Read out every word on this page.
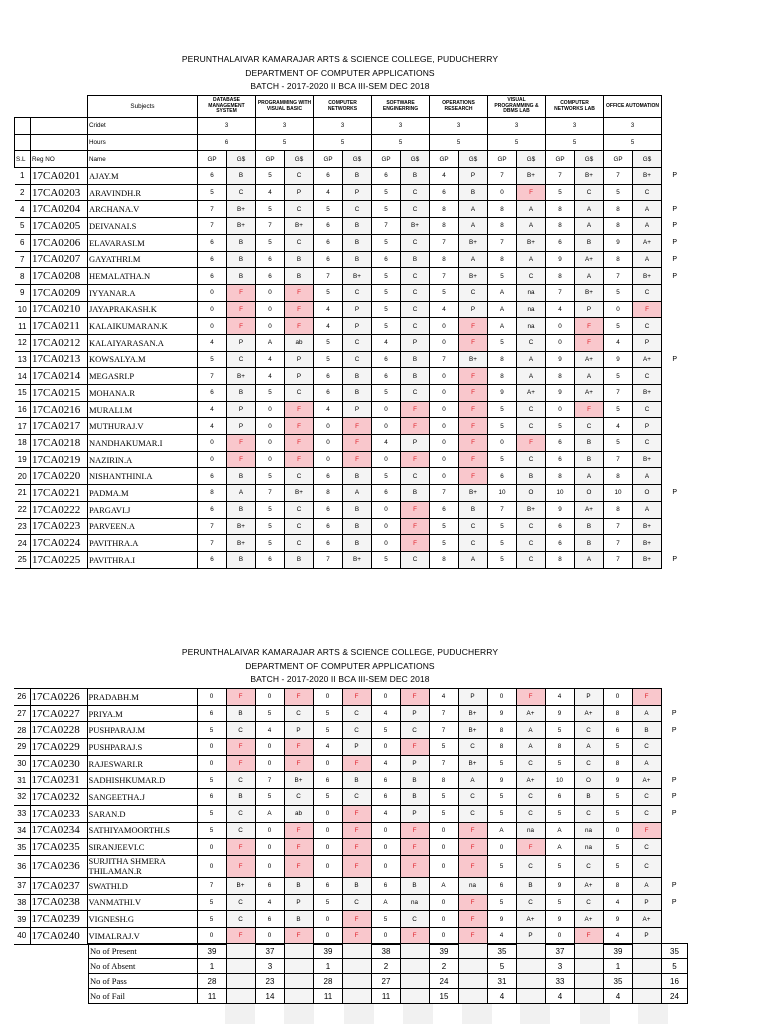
PERUNTHALAIVAR KAMARAJAR ARTS & SCIENCE COLLEGE, PUDUCHERRY
DEPARTMENT OF COMPUTER APPLICATIONS
BATCH - 2017-2020 II BCA III-SEM DEC 2018
		Subjects	DATABASE MANAGEMENT SYSTEM		PROGRAMMING WITH VISUAL BASIC		COMPUTER NETWORKS		SOFTWARE ENGINERRING		OPERATIONS RESEARCH		VISUAL PROGRAMMING & DBMS LAB		COMPUTER NETWORKS LAB		OFFICE AUTOMATION		
		Cridet	3		3		3		3		3		3		3		3		
		Hours	6		5		5		5		5		5		5		5		
S.L	Reg NO	Name	GP	G$	GP	G$	GP	G$	GP	G$	GP	G$	GP	G$	GP	G$	GP	G$	
1	17CA0201	AJAY.M	6	B	5	C	6	B	6	B	4	P	7	B+	7	B+	7	B+	P
2	17CA0203	ARAVINDH.R	5	C	4	P	4	P	5	C	6	B	0	F	5	C	5	C	
4	17CA0204	ARCHANA.V	7	B+	5	C	5	C	5	C	8	A	8	A	8	A	8	A	P
5	17CA0205	DEIVANAI.S	7	B+	7	B+	6	B	7	B+	8	A	8	A	8	A	8	A	P
6	17CA0206	ELAVARASI.M	6	B	5	C	6	B	5	C	7	B+	7	B+	6	B	9	A+	P
7	17CA0207	GAYATHRI.M	6	B	6	B	6	B	6	B	8	A	8	A	9	A+	8	A	P
8	17CA0208	HEMALATHA.N	6	B	6	B	7	B+	5	C	7	B+	5	C	8	A	7	B+	P
9	17CA0209	IYYANAR.A	0	F	0	F	5	C	5	C	5	C	A	na	7	B+	5	C	
10	17CA0210	JAYAPRAKASH.K	0	F	0	F	4	P	5	C	4	P	A	na	4	P	0	F	
11	17CA0211	KALAIKUMARAN.K	0	F	0	F	4	P	5	C	0	F	A	na	0	F	5	C	
12	17CA0212	KALAIYARASAN.A	4	P	A	ab	5	C	4	P	0	F	5	C	0	F	4	P	
13	17CA0213	KOWSALYA.M	5	C	4	P	5	C	6	B	7	B+	8	A	9	A+	9	A+	P
14	17CA0214	MEGASRI.P	7	B+	4	P	6	B	6	B	0	F	8	A	8	A	5	C	
15	17CA0215	MOHANA.R	6	B	5	C	6	B	5	C	0	F	9	A+	9	A+	7	B+	
16	17CA0216	MURALI.M	4	P	0	F	4	P	0	F	0	F	5	C	0	F	5	C	
17	17CA0217	MUTHURAJ.V	4	P	0	F	0	F	0	F	0	F	5	C	5	C	4	P	
18	17CA0218	NANDHAKUMAR.I	0	F	0	F	0	F	4	P	0	F	0	F	6	B	5	C	
19	17CA0219	NAZIRIN.A	0	F	0	F	0	F	0	F	0	F	5	C	6	B	7	B+	
20	17CA0220	NISHANTHINI.A	6	B	5	C	6	B	5	C	0	F	6	B	8	A	8	A	
21	17CA0221	PADMA.M	8	A	7	B+	8	A	6	B	7	B+	10	O	10	O	10	O	P
22	17CA0222	PARGAVI.J	6	B	5	C	6	B	0	F	6	B	7	B+	9	A+	8	A	
23	17CA0223	PARVEEN.A	7	B+	5	C	6	B	0	F	5	C	5	C	6	B	7	B+	
24	17CA0224	PAVITHRA.A	7	B+	5	C	6	B	0	F	5	C	5	C	6	B	7	B+	
25	17CA0225	PAVITHRA.I	6	B	6	B	7	B+	5	C	8	A	5	C	8	A	7	B+	P
PERUNTHALAIVAR KAMARAJAR ARTS & SCIENCE COLLEGE, PUDUCHERRY
DEPARTMENT OF COMPUTER APPLICATIONS
BATCH - 2017-2020 II BCA III-SEM DEC 2018
26	17CA0226	PRADABH.M	0	F	0	F	0	F	0	F	4	P	0	F	4	P	0	F	
27	17CA0227	PRIYA.M	6	B	5	C	5	C	4	P	7	B+	9	A+	9	A+	8	A	P
28	17CA0228	PUSHPARAJ.M	5	C	4	P	5	C	5	C	7	B+	8	A	5	C	6	B	P
29	17CA0229	PUSHPARAJ.S	0	F	0	F	4	P	0	F	5	C	8	A	8	A	5	C	
30	17CA0230	RAJESWARI.R	0	F	0	F	0	F	4	P	7	B+	5	C	5	C	8	A	
31	17CA0231	SADHISHKUMAR.D	5	C	7	B+	6	B	6	B	8	A	9	A+	10	O	9	A+	P
32	17CA0232	SANGEETHA.J	6	B	5	C	5	C	6	B	5	C	5	C	6	B	5	C	P
33	17CA0233	SARAN.D	5	C	A	ab	0	F	4	P	5	C	5	C	5	C	5	C	P
34	17CA0234	SATHIYAMOORTHI.S	5	C	0	F	0	F	0	F	0	F	A	na	A	na	0	F	
35	17CA0235	SIRANJEEVI.C	0	F	0	F	0	F	0	F	0	F	0	F	A	na	5	C	
36	17CA0236	SURJITHA SHMERA THILAMAN.R	0	F	0	F	0	F	0	F	0	F	5	C	5	C	5	C	
37	17CA0237	SWATHI.D	7	B+	6	B	6	B	6	B	A	na	6	B	9	A+	8	A	P
38	17CA0238	VANMATHI.V	5	C	4	P	5	C	A	na	0	F	5	C	5	C	4	P	P
39	17CA0239	VIGNESH.G	5	C	6	B	0	F	5	C	0	F	9	A+	9	A+	9	A+	
40	17CA0240	VIMALRAJ.V	0	F	0	F	0	F	0	F	0	F	4	P	0	F	4	P	
No of Present	39		37		39		38		39		35		37		39		35
No of Absent	1		3		1		2		2		5		3		1		5
No of Pass	28		23		28		27		24		31		33		35		16
No of Fail	11		14		11		11		15		4		4		4		24
